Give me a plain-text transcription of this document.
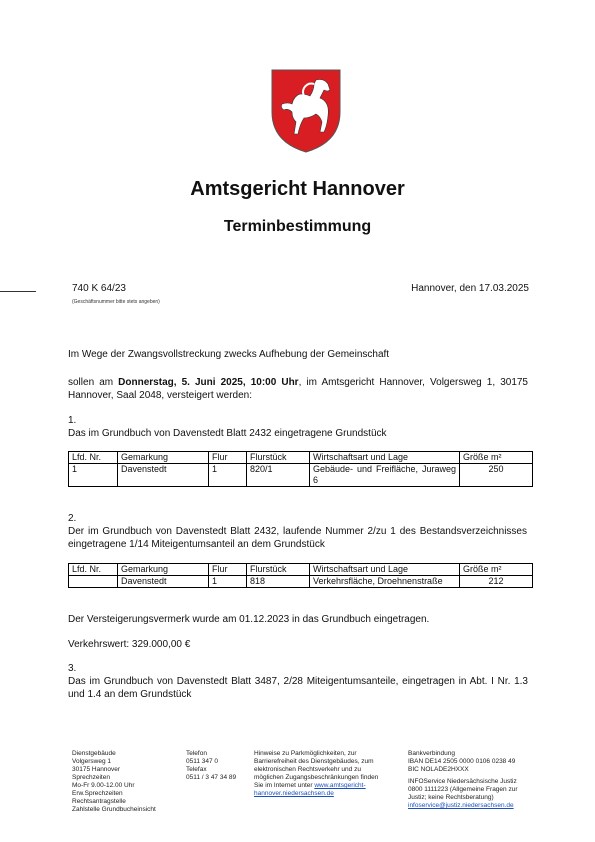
Amtsgericht Hannover
Terminbestimmung
740 K 64/23
(Geschäftsnummer bitte stets angeben)
Hannover, den 17.03.2025
Im Wege der Zwangsvollstreckung zwecks Aufhebung der Gemeinschaft
sollen am Donnerstag, 5. Juni 2025, 10:00 Uhr, im Amtsgericht Hannover, Volgersweg 1, 30175 Hannover, Saal 2048, versteigert werden:
1.
Das im Grundbuch von Davenstedt Blatt 2432 eingetragene Grundstück
Lfd. Nr.	Gemarkung	Flur	Flurstück	Wirtschaftsart und Lage	Größe m²
1	Davenstedt	1	820/1	Gebäude- und Freifläche, Juraweg 6	250
2.
Der im Grundbuch von Davenstedt Blatt 2432, laufende Nummer 2/zu 1 des Bestandsverzeichnisses eingetragene 1/14 Miteigentumsanteil an dem Grundstück
Lfd. Nr.	Gemarkung	Flur	Flurstück	Wirtschaftsart und Lage	Größe m²
	Davenstedt	1	818	Verkehrsfläche, Droehnenstraße	212
Der Versteigerungsvermerk wurde am 01.12.2023 in das Grundbuch eingetragen.
Verkehrswert: 329.000,00 €
3.
Das im Grundbuch von Davenstedt Blatt 3487, 2/28 Miteigentumsanteile, eingetragen in Abt. I Nr. 1.3 und 1.4 an dem Grundstück
Dienstgebäude
Volgersweg 1
30175 Hannover
Sprechzeiten
Mo-Fr 9.00-12.00 Uhr
Erw.Sprechzeiten
Rechtsantragstelle
Zahlstelle Grundbucheinsicht
Telefon
0511 347 0
Telefax
0511 / 3 47 34 89
Hinweise zu Parkmöglichkeiten, zur
Barrierefreiheit des Dienstgebäudes, zum
elektronischen Rechtsverkehr und zu
möglichen Zugangsbeschränkungen finden
Sie im Internet unter www.amtsgericht-
hannover.niedersachsen.de
Bankverbindung
IBAN DE14 2505 0000 0106 0238 49
BIC NOLADE2HXXX
INFOService Niedersächsische Justiz
0800 1111223 (Allgemeine Fragen zur
Justiz; keine Rechtsberatung)
infoservice@justiz.niedersachsen.de
